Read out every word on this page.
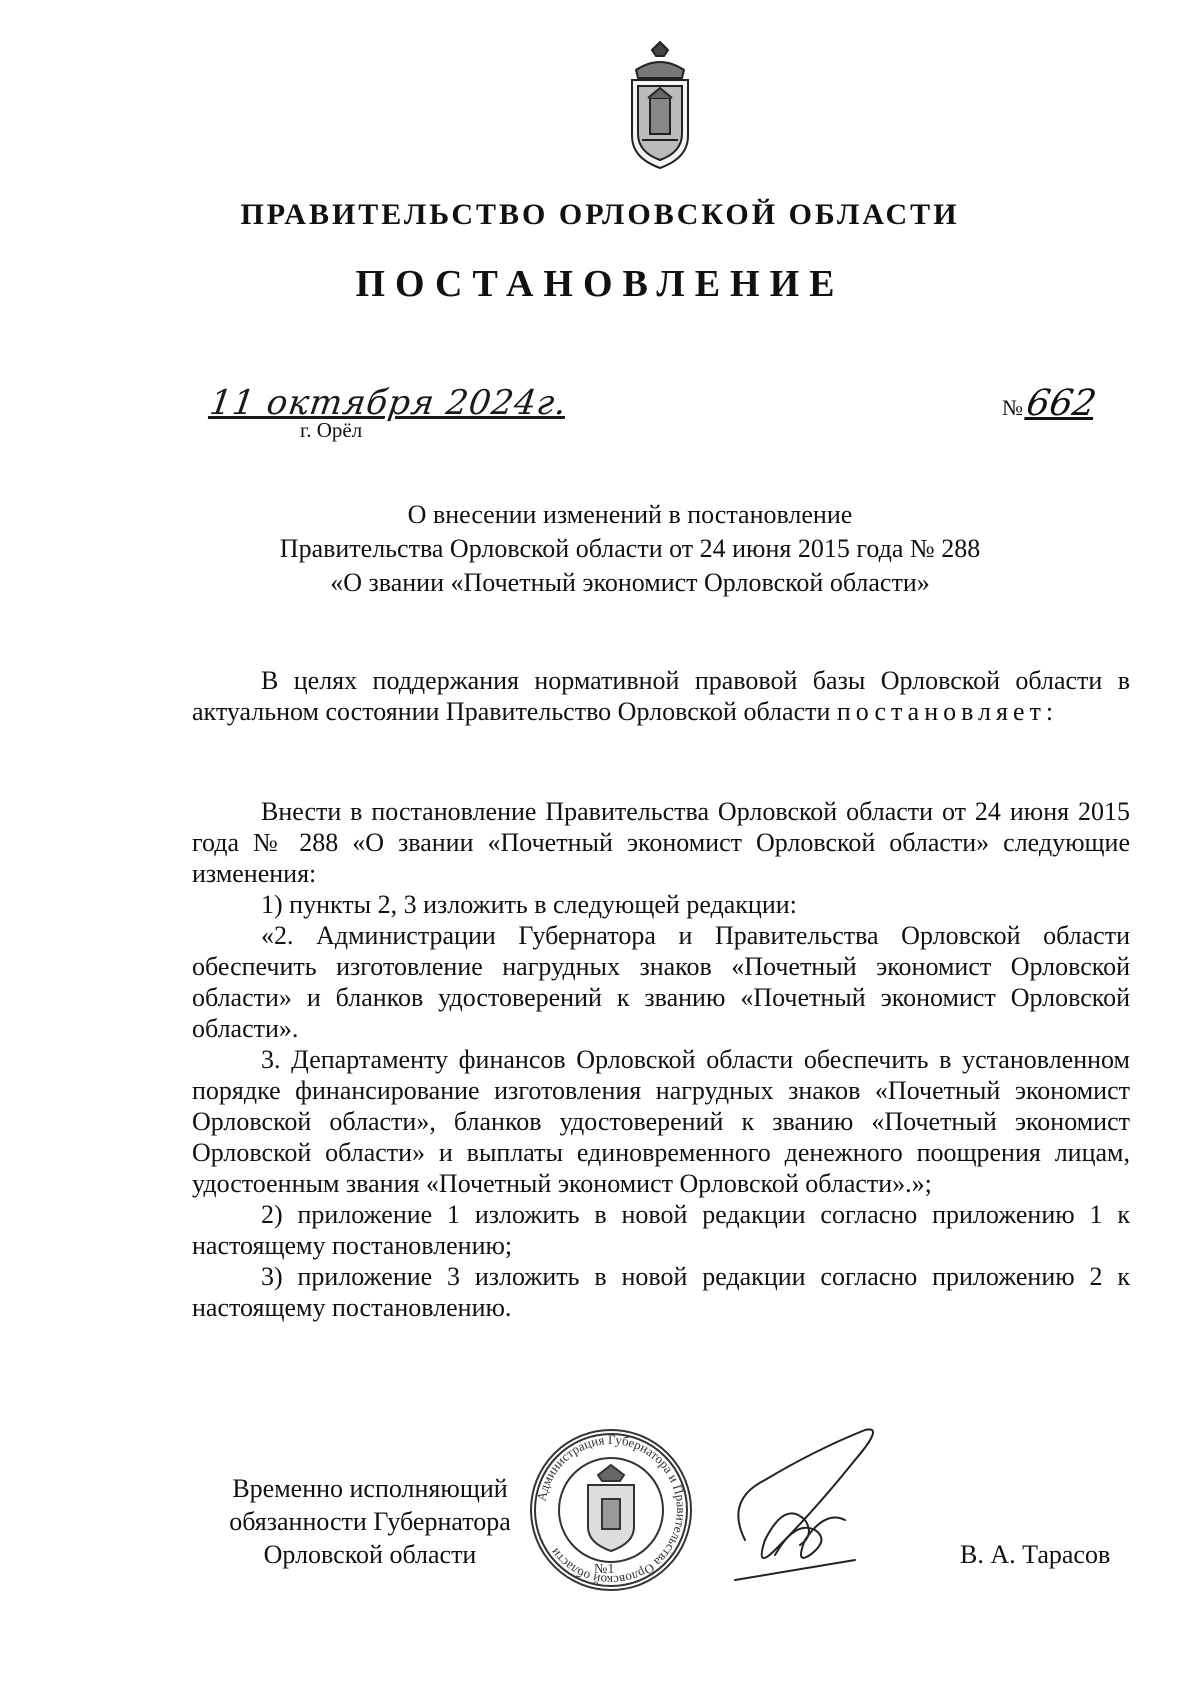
ПРАВИТЕЛЬСТВО ОРЛОВСКОЙ ОБЛАСТИ
ПОСТАНОВЛЕНИЕ
11 октября 2024г.
г. Орёл
№662
О внесении изменений в постановление
Правительства Орловской области от 24 июня 2015 года № 288
«О звании «Почетный экономист Орловской области»

В целях поддержания нормативной правовой базы Орловской области в актуальном состоянии Правительство Орловской области постановляет:

Внести в постановление Правительства Орловской области от 24 июня 2015 года № 288 «О звании «Почетный экономист Орловской области» следующие изменения:

1) пункты 2, 3 изложить в следующей редакции:

«2. Администрации Губернатора и Правительства Орловской области обеспечить изготовление нагрудных знаков «Почетный экономист Орловской области» и бланков удостоверений к званию «Почетный экономист Орловской области».

3. Департаменту финансов Орловской области обеспечить в установленном порядке финансирование изготовления нагрудных знаков «Почетный экономист Орловской области», бланков удостоверений к званию «Почетный экономист Орловской области» и выплаты единовременного денежного поощрения лицам, удостоенным звания «Почетный экономист Орловской области».»;

2) приложение 1 изложить в новой редакции согласно приложению 1 к настоящему постановлению;

3) приложение 3 изложить в новой редакции согласно приложению 2 к настоящему постановлению.

Временно исполняющий
обязанности Губернатора
Орловской области
Администрация Губернатора и Правительства Орловской области
№1
В. А. Тарасов
